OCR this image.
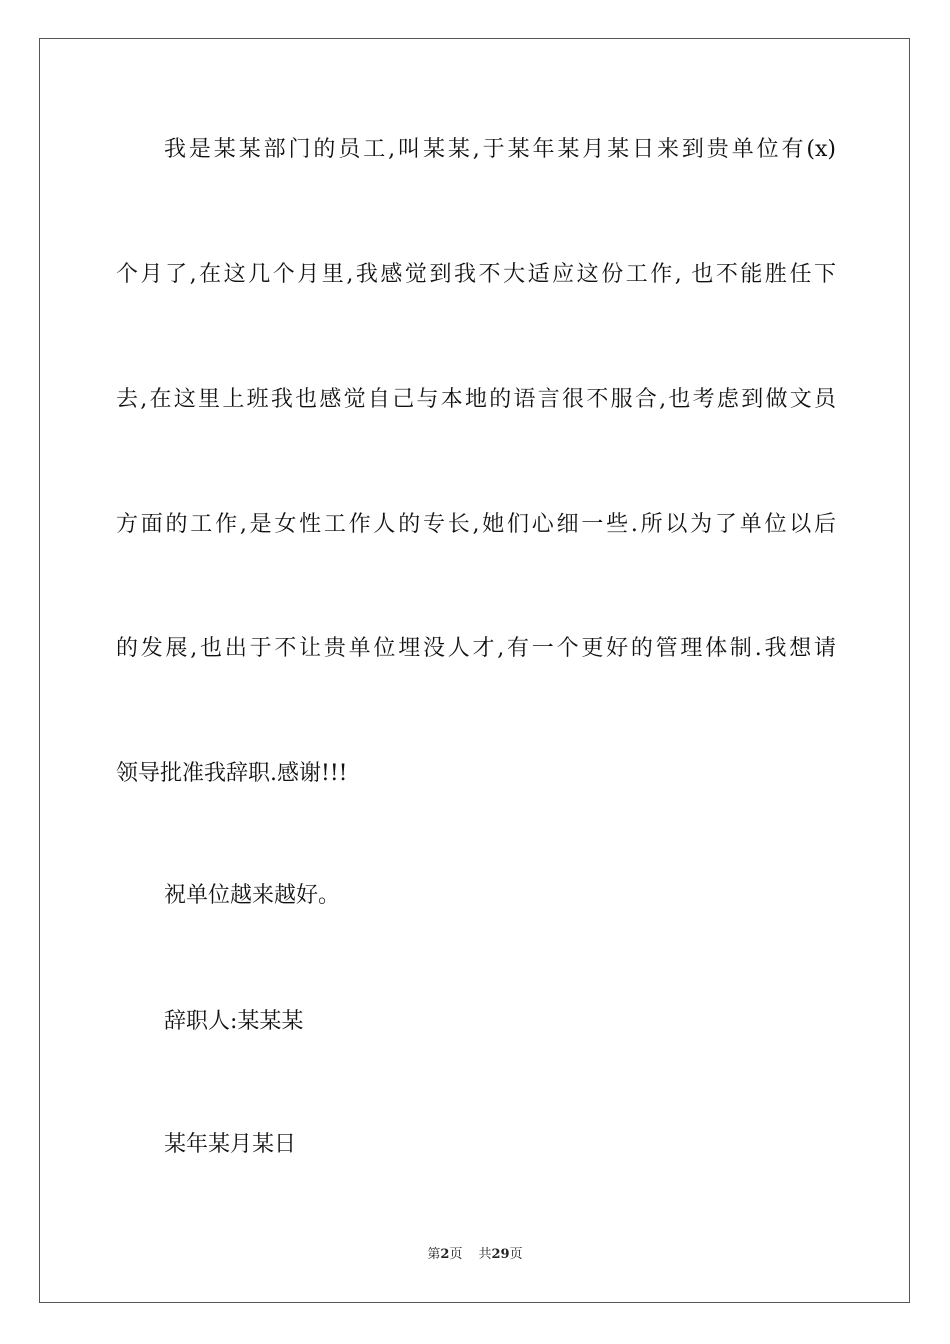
我是某某部门的员工,叫某某,于某年某月某日来到贵单位有(x)
个月了,在这几个月里,我感觉到我不大适应这份工作, 也不能胜任下
去,在这里上班我也感觉自己与本地的语言很不服合,也考虑到做文员
方面的工作,是女性工作人的专长,她们心细一些.所以为了单位以后
的发展,也出于不让贵单位埋没人才,有一个更好的管理体制.我想请
领导批准我辞职.感谢!!!
祝单位越来越好。
辞职人:某某某
某年某月某日
第2页 共29页
